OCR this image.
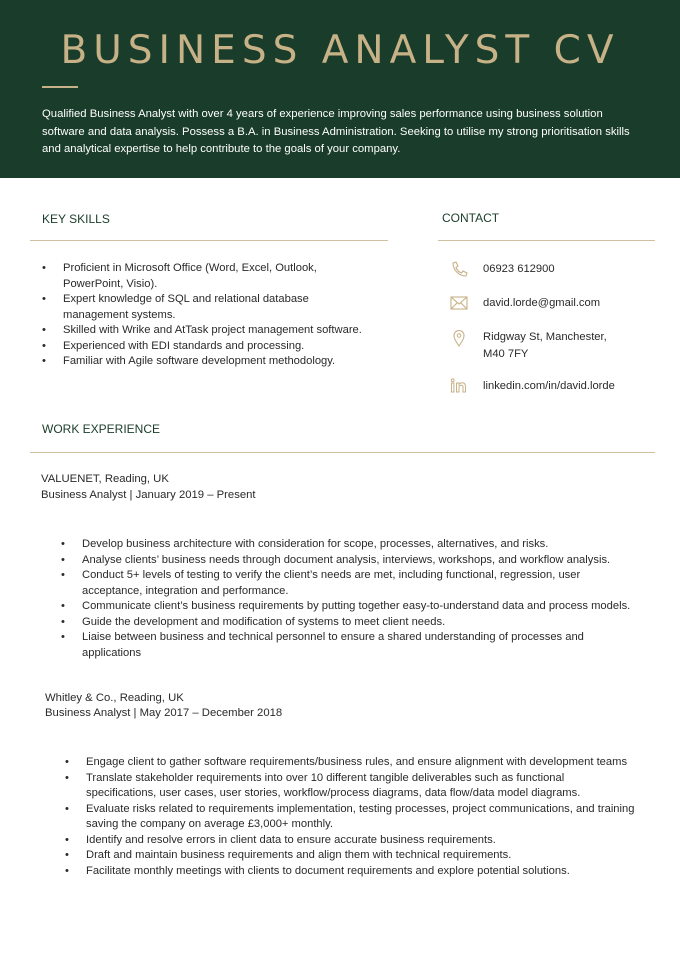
BUSINESS ANALYST CV
Qualified Business Analyst with over 4 years of experience improving sales performance using business solution software and data analysis. Possess a B.A. in Business Administration. Seeking to utilise my strong prioritisation skills and analytical expertise to help contribute to the goals of your company.
KEY SKILLS
• Proficient in Microsoft Office (Word, Excel, Outlook, PowerPoint, Visio).
• Expert knowledge of SQL and relational database management systems.
• Skilled with Wrike and AtTask project management software.
• Experienced with EDI standards and processing.
• Familiar with Agile software development methodology.
CONTACT
06923 612900
david.lorde@gmail.com
Ridgway St, Manchester,
M40 7FY
linkedin.com/in/david.lorde
WORK EXPERIENCE
VALUENET, Reading, UK
Business Analyst | January 2019 – Present
• Develop business architecture with consideration for scope, processes, alternatives, and risks.
• Analyse clients’ business needs through document analysis, interviews, workshops, and workflow analysis.
• Conduct 5+ levels of testing to verify the client’s needs are met, including functional, regression, user acceptance, integration and performance.
• Communicate client’s business requirements by putting together easy-to-understand data and process models.
• Guide the development and modification of systems to meet client needs.
• Liaise between business and technical personnel to ensure a shared understanding of processes and applications
Whitley & Co., Reading, UK
Business Analyst | May 2017 – December 2018
• Engage client to gather software requirements/business rules, and ensure alignment with development teams
• Translate stakeholder requirements into over 10 different tangible deliverables such as functional specifications, user cases, user stories, workflow/process diagrams, data flow/data model diagrams.
• Evaluate risks related to requirements implementation, testing processes, project communications, and training saving the company on average £3,000+ monthly.
• Identify and resolve errors in client data to ensure accurate business requirements.
• Draft and maintain business requirements and align them with technical requirements.
• Facilitate monthly meetings with clients to document requirements and explore potential solutions.
